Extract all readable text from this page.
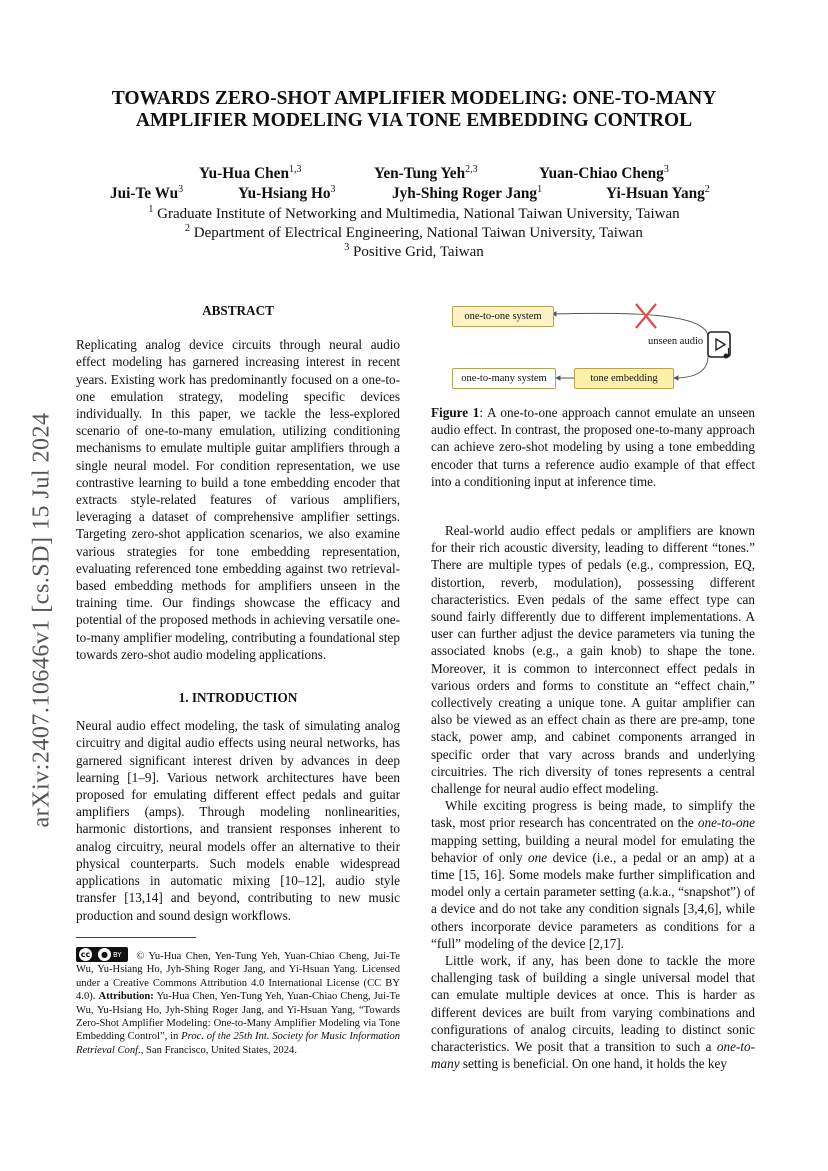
TOWARDS ZERO-SHOT AMPLIFIER MODELING: ONE-TO-MANY
AMPLIFIER MODELING VIA TONE EMBEDDING CONTROL
Yu-Hua Chen$^{1,3}$	Yen-Tung Yeh$^{2,3}$	Yuan-Chiao Cheng$^3$
Jui-Te Wu$^3$	Yu-Hsiang Ho$^3$	Jyh-Shing Roger Jang$^1$	Yi-Hsuan Yang$^2$
$^1$ Graduate Institute of Networking and Multimedia, National Taiwan University, Taiwan
$^2$ Department of Electrical Engineering, National Taiwan University, Taiwan
$^3$ Positive Grid, Taiwan
arXiv:2407.10646v1 [cs.SD] 15 Jul 2024
ABSTRACT

Replicating analog device circuits through neural audio effect modeling has garnered increasing interest in recent years. Existing work has predominantly focused on a one-to-one emulation strategy, modeling specific devices individually. In this paper, we tackle the less-explored scenario of one-to-many emulation, utilizing conditioning mechanisms to emulate multiple guitar amplifiers through a single neural model. For condition representation, we use contrastive learning to build a tone embedding encoder that extracts style-related features of various amplifiers, leveraging a dataset of comprehensive amplifier settings. Targeting zero-shot application scenarios, we also examine various strategies for tone embedding representation, evaluating referenced tone embedding against two retrieval-based embedding methods for amplifiers unseen in the training time. Our findings showcase the efficacy and potential of the proposed methods in achieving versatile one-to-many amplifier modeling, contributing a foundational step towards zero-shot audio modeling applications.

1. INTRODUCTION

Neural audio effect modeling, the task of simulating analog circuitry and digital audio effects using neural networks, has garnered significant interest driven by advances in deep learning [1–9]. Various network architectures have been proposed for emulating different effect pedals and guitar amplifiers (amps). Through modeling nonlinearities, harmonic distortions, and transient responses inherent to analog circuitry, neural models offer an alternative to their physical counterparts. Such models enable widespread applications in automatic mixing [10–12], audio style transfer [13,14] and beyond, contributing to new music production and sound design workflows.

cc	● BY © Yu-Hua Chen, Yen-Tung Yeh, Yuan-Chiao Cheng, Jui-Te Wu, Yu-Hsiang Ho, Jyh-Shing Roger Jang, and Yi-Hsuan Yang. Licensed under a Creative Commons Attribution 4.0 International License (CC BY 4.0). Attribution: Yu-Hua Chen, Yen-Tung Yeh, Yuan-Chiao Cheng, Jui-Te Wu, Yu-Hsiang Ho, Jyh-Shing Roger Jang, and Yi-Hsuan Yang, “Towards Zero-Shot Amplifier Modeling: One-to-Many Amplifier Modeling via Tone Embedding Control”, in Proc. of the 25th Int. Society for Music Information Retrieval Conf., San Francisco, United States, 2024.
one-to-one system
one-to-many system	tone embedding
unseen audio
Figure 1: A one-to-one approach cannot emulate an unseen audio effect. In contrast, the proposed one-to-many approach can achieve zero-shot modeling by using a tone embedding encoder that turns a reference audio example of that effect into a conditioning input at inference time.

Real-world audio effect pedals or amplifiers are known for their rich acoustic diversity, leading to different “tones.” There are multiple types of pedals (e.g., compression, EQ, distortion, reverb, modulation), possessing different characteristics. Even pedals of the same effect type can sound fairly differently due to different implementations. A user can further adjust the device parameters via tuning the associated knobs (e.g., a gain knob) to shape the tone. Moreover, it is common to interconnect effect pedals in various orders and forms to constitute an “effect chain,” collectively creating a unique tone. A guitar amplifier can also be viewed as an effect chain as there are pre-amp, tone stack, power amp, and cabinet components arranged in specific order that vary across brands and underlying circuitries. The rich diversity of tones represents a central challenge for neural audio effect modeling.

While exciting progress is being made, to simplify the task, most prior research has concentrated on the one-to-one mapping setting, building a neural model for emulating the behavior of only one device (i.e., a pedal or an amp) at a time [15, 16]. Some models make further simplification and model only a certain parameter setting (a.k.a., “snapshot”) of a device and do not take any condition signals [3,4,6], while others incorporate device parameters as conditions for a “full” modeling of the device [2,17].

Little work, if any, has been done to tackle the more challenging task of building a single universal model that can emulate multiple devices at once. This is harder as different devices are built from varying combinations and configurations of analog circuits, leading to distinct sonic characteristics. We posit that a transition to such a one-to-many setting is beneficial. On one hand, it holds the key
